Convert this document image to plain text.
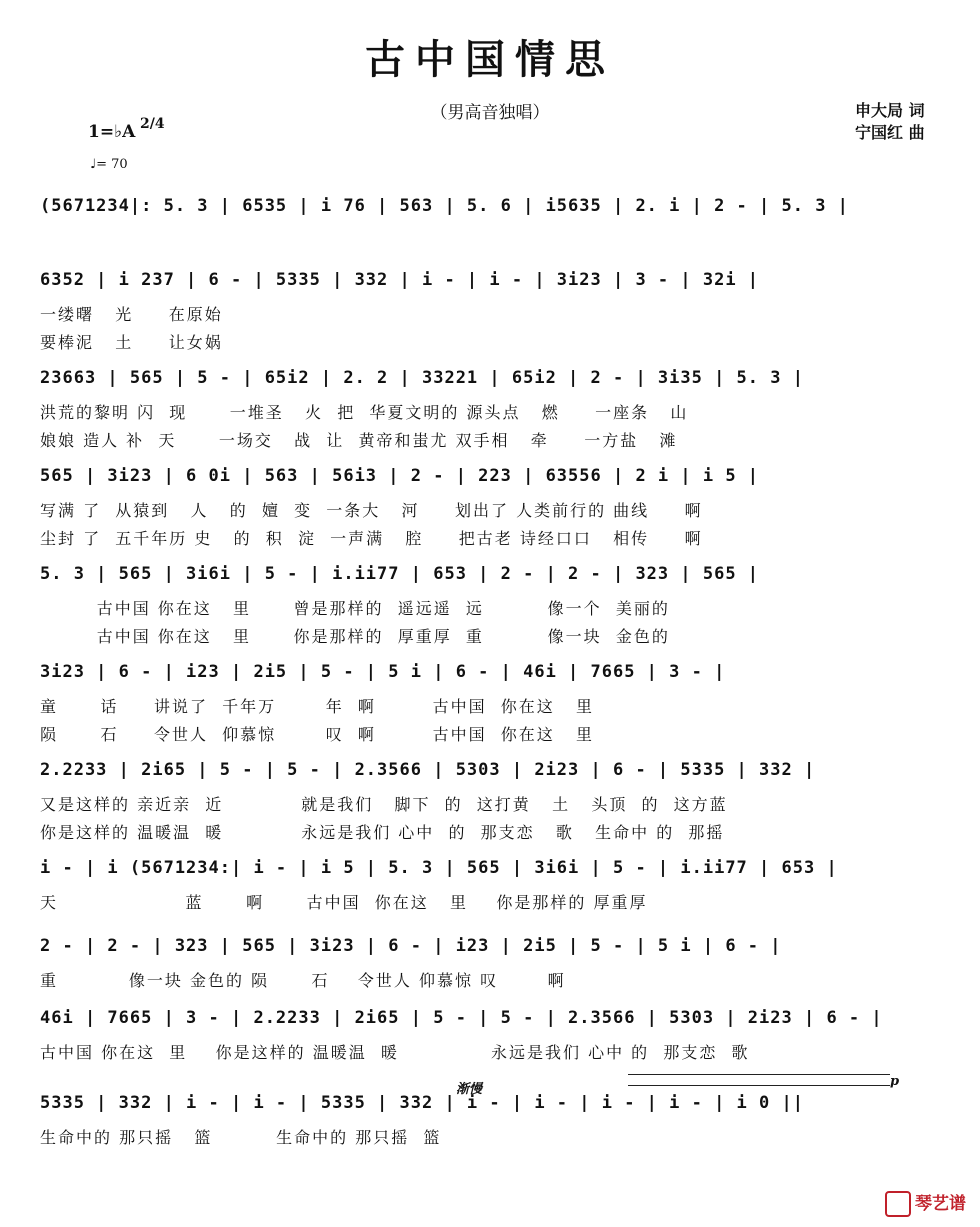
古中国情思
（男高音独唱）	申大局 词
宁国红 曲
1=♭A 2/4
♩= 70
(5671234|: 5. 3 | 6535 | i 76 | 563 | 5. 6 | i5635 | 2. i | 2 - | 5. 3 |
6352 | i 237 | 6 - | 5335 | 332 | i - | i - | 3i23 | 3 - | 32i |
一缕曙   光     在原始
要棒泥   土     让女娲
23663 | 565 | 5 - | 65i2 | 2. 2 | 33221 | 65i2 | 2 - | 3i35 | 5. 3 |
洪荒的黎明 闪  现      一堆圣   火  把  华夏文明的 源头点   燃     一座条   山
娘娘 造人 补  天      一场交   战  让  黄帝和蚩尤 双手相   牵     一方盐   滩
565 | 3i23 | 6 0i | 563 | 56i3 | 2 - | 223 | 63556 | 2 i | i 5 |
写满 了  从猿到   人   的  嬗  变  一条大   河     划出了 人类前行的 曲线     啊
尘封 了  五千年历 史   的  积  淀  一声满   腔     把古老 诗经口口   相传     啊
5. 3 | 565 | 3i6i | 5 - | i.ii77 | 653 | 2 - | 2 - | 323 | 565 |
古中国 你在这   里      曾是那样的  遥远遥  远         像一个  美丽的
古中国 你在这   里      你是那样的  厚重厚  重         像一块  金色的
3i23 | 6 - | i23 | 2i5 | 5 - | 5 i | 6 - | 46i | 7665 | 3 - |
童      话     讲说了  千年万       年  啊        古中国  你在这   里
陨      石     令世人  仰慕惊       叹  啊        古中国  你在这   里
2.2233 | 2i65 | 5 - | 5 - | 2.3566 | 5303 | 2i23 | 6 - | 5335 | 332 |
又是这样的 亲近亲  近           就是我们   脚下  的  这打黄   土   头顶  的  这方蓝
你是这样的 温暖温  暖           永远是我们 心中  的  那支恋   歌   生命中 的  那摇
i - | i (5671234:| i - | i 5 | 5. 3 | 565 | 3i6i | 5 - | i.ii77 | 653 |
天                  蓝      啊      古中国  你在这   里    你是那样的 厚重厚
2 - | 2 - | 323 | 565 | 3i23 | 6 - | i23 | 2i5 | 5 - | 5 i | 6 - |
重          像一块 金色的 陨      石    令世人 仰慕惊 叹       啊
46i | 7665 | 3 - | 2.2233 | 2i65 | 5 - | 5 - | 2.3566 | 5303 | 2i23 | 6 - |
古中国 你在这  里    你是这样的 温暖温  暖             永远是我们 心中 的  那支恋  歌
5335 | 332 | i - | i - | 5335 | 332 | i - | i - | i - | i - | i 0 ||
生命中的 那只摇   篮         生命中的 那只摇  篮
渐慢
p
琴艺谱
